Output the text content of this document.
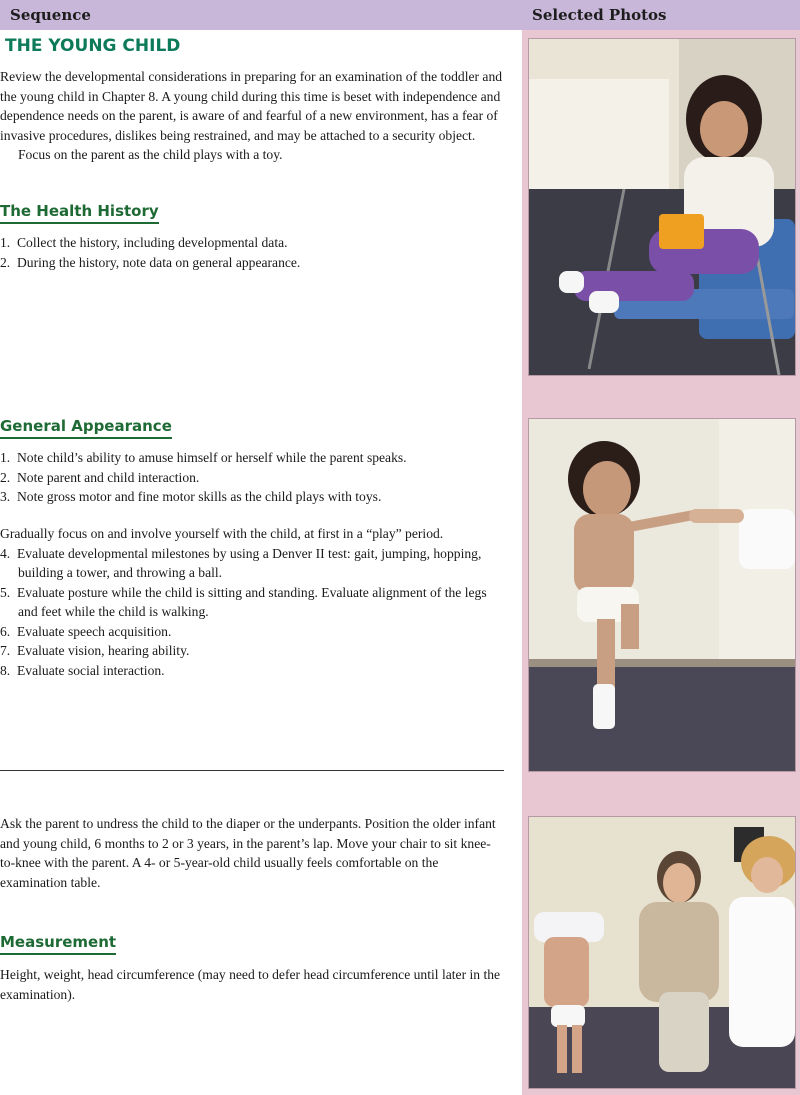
Sequence	Selected Photos
THE YOUNG CHILD

Review the developmental considerations in preparing for an examination of the toddler and the young child in Chapter 8. A young child during this time is beset with independence and dependence needs on the parent, is aware of and fearful of a new environment, has a fear of invasive procedures, dislikes being restrained, and may be attached to a security object.

Focus on the parent as the child plays with a toy.

The Health History
1.  Collect the history, including developmental data.
2.  During the history, note data on general appearance.
General Appearance
1.  Note child’s ability to amuse himself or herself while the parent speaks.
2.  Note parent and child interaction.
3.  Note gross motor and fine motor skills as the child plays with toys.

Gradually focus on and involve yourself with the child, at first in a “play” period.

4.  Evaluate developmental milestones by using a Denver II test: gait, jumping, hopping, building a tower, and throwing a ball.
5.  Evaluate posture while the child is sitting and standing. Evaluate alignment of the legs and feet while the child is walking.
6.  Evaluate speech acquisition.
7.  Evaluate vision, hearing ability.
8.  Evaluate social interaction.
Ask the parent to undress the child to the diaper or the underpants. Position the older infant and young child, 6 months to 2 or 3 years, in the parent’s lap. Move your chair to sit knee-to-knee with the parent. A 4- or 5-year-old child usually feels comfortable on the examination table.
Measurement
Height, weight, head circumference (may need to defer head circumference until later in the examination).
